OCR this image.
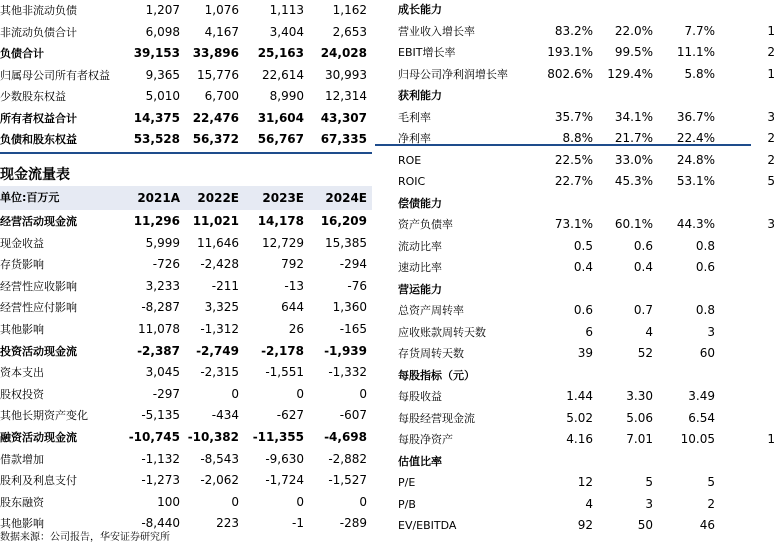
其他非流动负债	1,207 1,076	1,113 1,162
非流动负债合计	6,098 4,167	3,404 2,653
负债合计	39,153 33,896 25,163 24,028
归属母公司所有者权益	9,365 15,776 22,614 30,993
少数股东权益	5,010 6,700	8,990 12,314
所有者权益合计	14,375 22,476 31,604 43,307
负债和股东权益	53,528 56,372 56,767 67,335
现金流量表
单位:百万元	2021A 2022E 2023E 2024E
经营活动现金流	11,296 11,021 14,178 16,209
现金收益	5,999 11,646 12,729 15,385
存货影响	-726 -2,428	792	-294
经营性应收影响	3,233	-211	-13	-76
经营性应付影响	-8,287 3,325	644 1,360
其他影响	11,078 -1,312	26	-165
投资活动现金流	-2,387 -2,749 -2,178 -1,939
资本支出	3,045 -2,315 -1,551 -1,332
股权投资	-297	0	0	0
其他长期资产变化	-5,135	-434	-627	-607
融资活动现金流	-10,745 -10,382 -11,355 -4,698
借款增加	-1,132 -8,543 -9,630 -2,882
股利及利息支付	-1,273 -2,062 -1,724 -1,527
股东融资	100	0	0	0
其他影响	-8,440	223	-1	-289
成长能力
营业收入增长率	83.2% 22.0%	7.7%	1
EBIT增长率	193.1% 99.5% 11.1%	2
归母公司净利润增长率	802.6% 129.4%	5.8%	1
获利能力
毛利率	35.7% 34.1% 36.7%	3
净利率	8.8% 21.7% 22.4%	2
ROE	22.5% 33.0% 24.8%	2
ROIC	22.7% 45.3% 53.1%	5
偿债能力
资产负债率	73.1% 60.1% 44.3%	3
流动比率	0.5	0.6	0.8
速动比率	0.4	0.4	0.6
营运能力
总资产周转率	0.6	0.7	0.8
应收账款周转天数	6	4	3
存货周转天数	39	52	60
每股指标（元）
每股收益	1.44	3.30	3.49
每股经营现金流	5.02	5.06	6.54
每股净资产	4.16	7.01 10.05	1
估值比率
P/E	12	5	5
P/B	4	3	2
EV/EBITDA	92	50	46
数据来源：公司报告，华安证券研究所
